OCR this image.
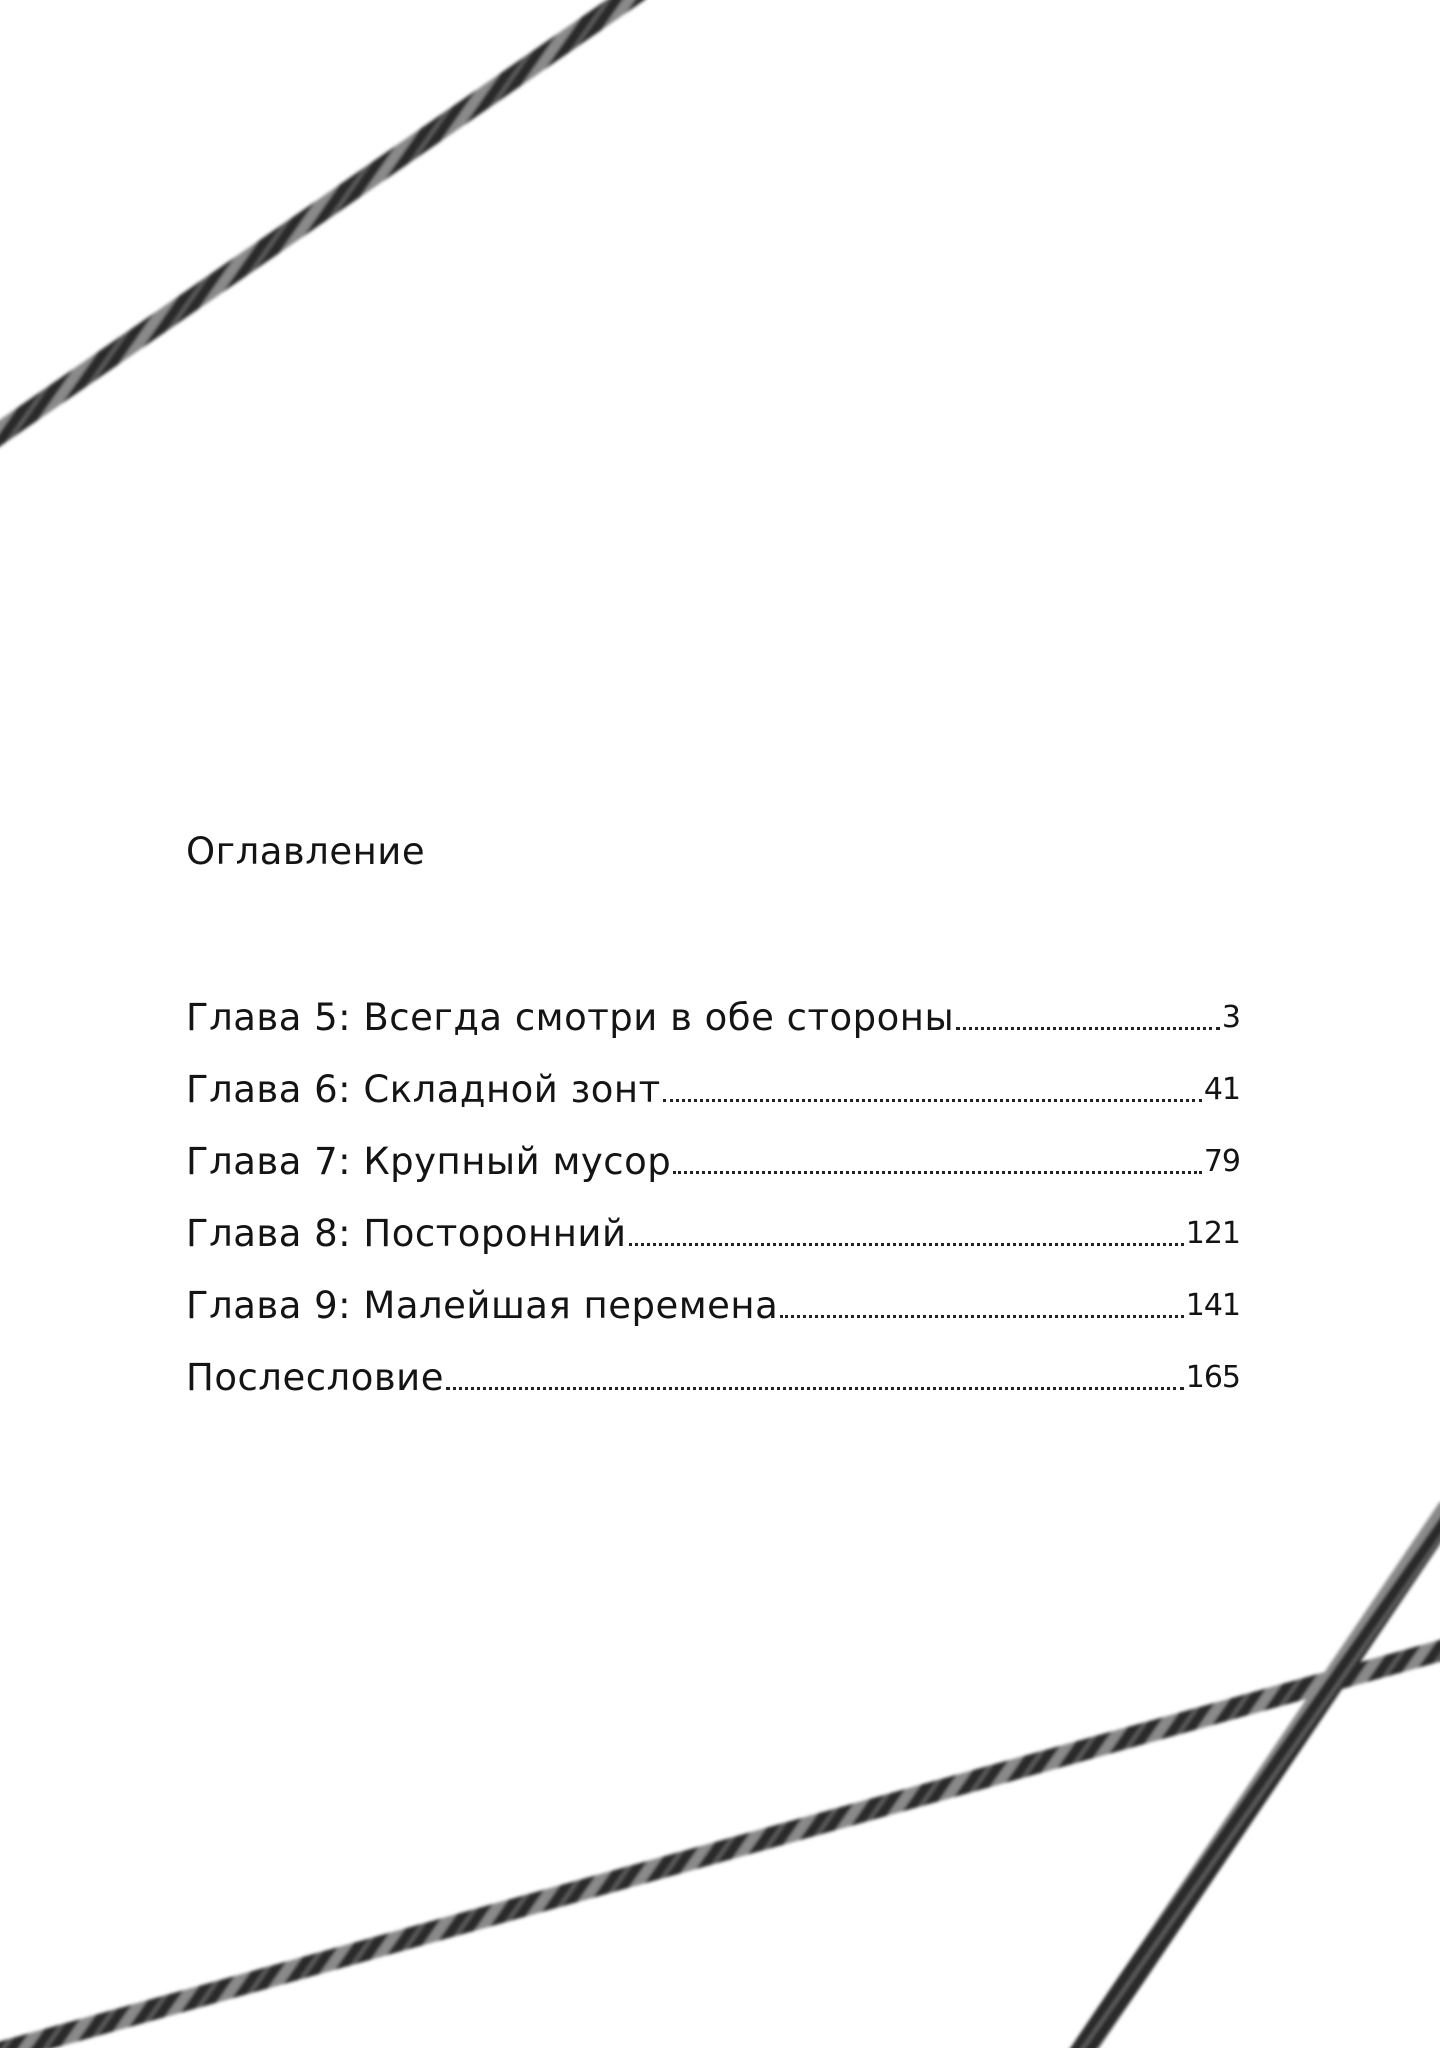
Оглавление
Глава 5: Всегда смотри в обе стороны	3
Глава 6: Складной зонт	41
Глава 7: Крупный мусор	79
Глава 8: Посторонний	121
Глава 9: Малейшая перемена	141
Послесловие	165
